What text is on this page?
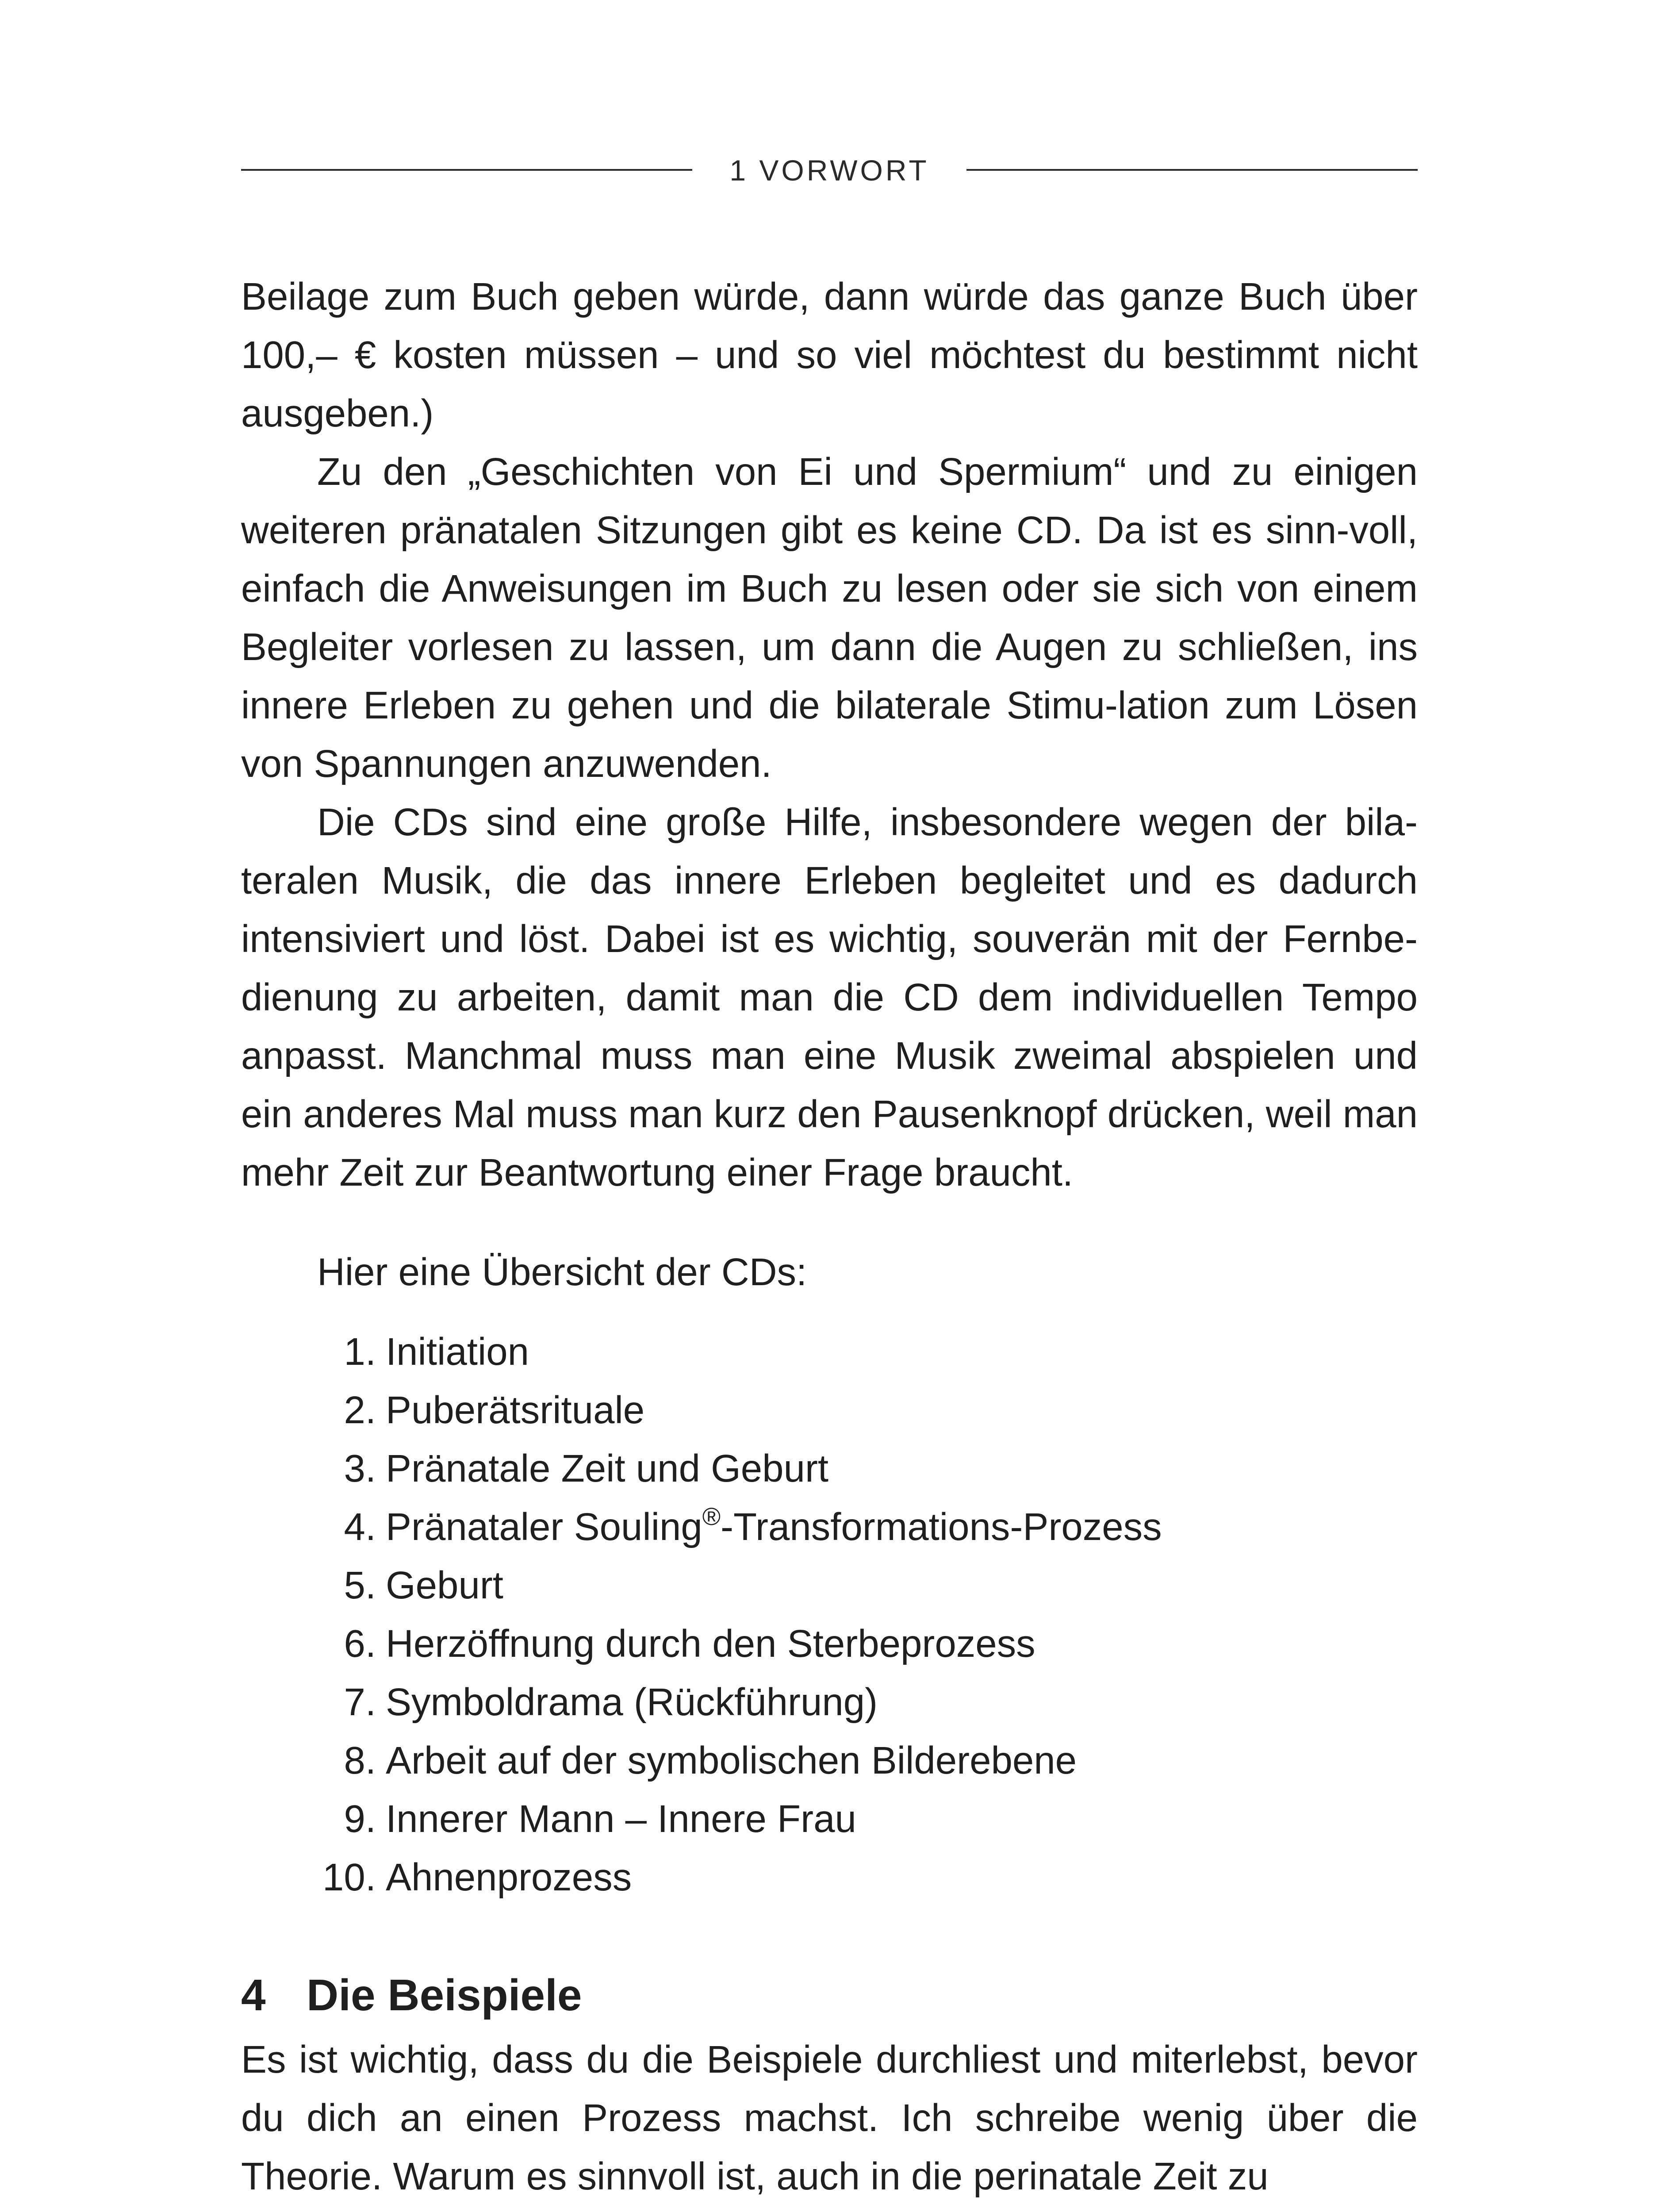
1 VORWORT

Beilage zum Buch geben würde, dann würde das ganze Buch über 100,– € kosten müssen – und so viel möchtest du bestimmt nicht ausgeben.)

Zu den „Geschichten von Ei und Spermium“ und zu einigen weiteren pränatalen Sitzungen gibt es keine CD. Da ist es sinn-voll, einfach die Anweisungen im Buch zu lesen oder sie sich von einem Begleiter vorlesen zu lassen, um dann die Augen zu schließen, ins innere Erleben zu gehen und die bilaterale Stimu-lation zum Lösen von Spannungen anzuwenden.

Die CDs sind eine große Hilfe, insbesondere wegen der bila-teralen Musik, die das innere Erleben begleitet und es dadurch intensiviert und löst. Dabei ist es wichtig, souverän mit der Fernbe-dienung zu arbeiten, damit man die CD dem individuellen Tempo anpasst. Manchmal muss man eine Musik zweimal abspielen und ein anderes Mal muss man kurz den Pausenknopf drücken, weil man mehr Zeit zur Beantwortung einer Frage braucht.

Hier eine Übersicht der CDs:
1. Initiation
2. Puberätsrituale
3. Pränatale Zeit und Geburt
4. Pränataler Souling®-Transformations-Prozess
5. Geburt
6. Herzöffnung durch den Sterbeprozess
7. Symboldrama (Rückführung)
8. Arbeit auf der symbolischen Bilderebene
9. Innerer Mann – Innere Frau
10. Ahnenprozess
4 Die Beispiele

Es ist wichtig, dass du die Beispiele durchliest und miterlebst, bevor du dich an einen Prozess machst. Ich schreibe wenig über die Theorie. Warum es sinnvoll ist, auch in die perinatale Zeit zu
